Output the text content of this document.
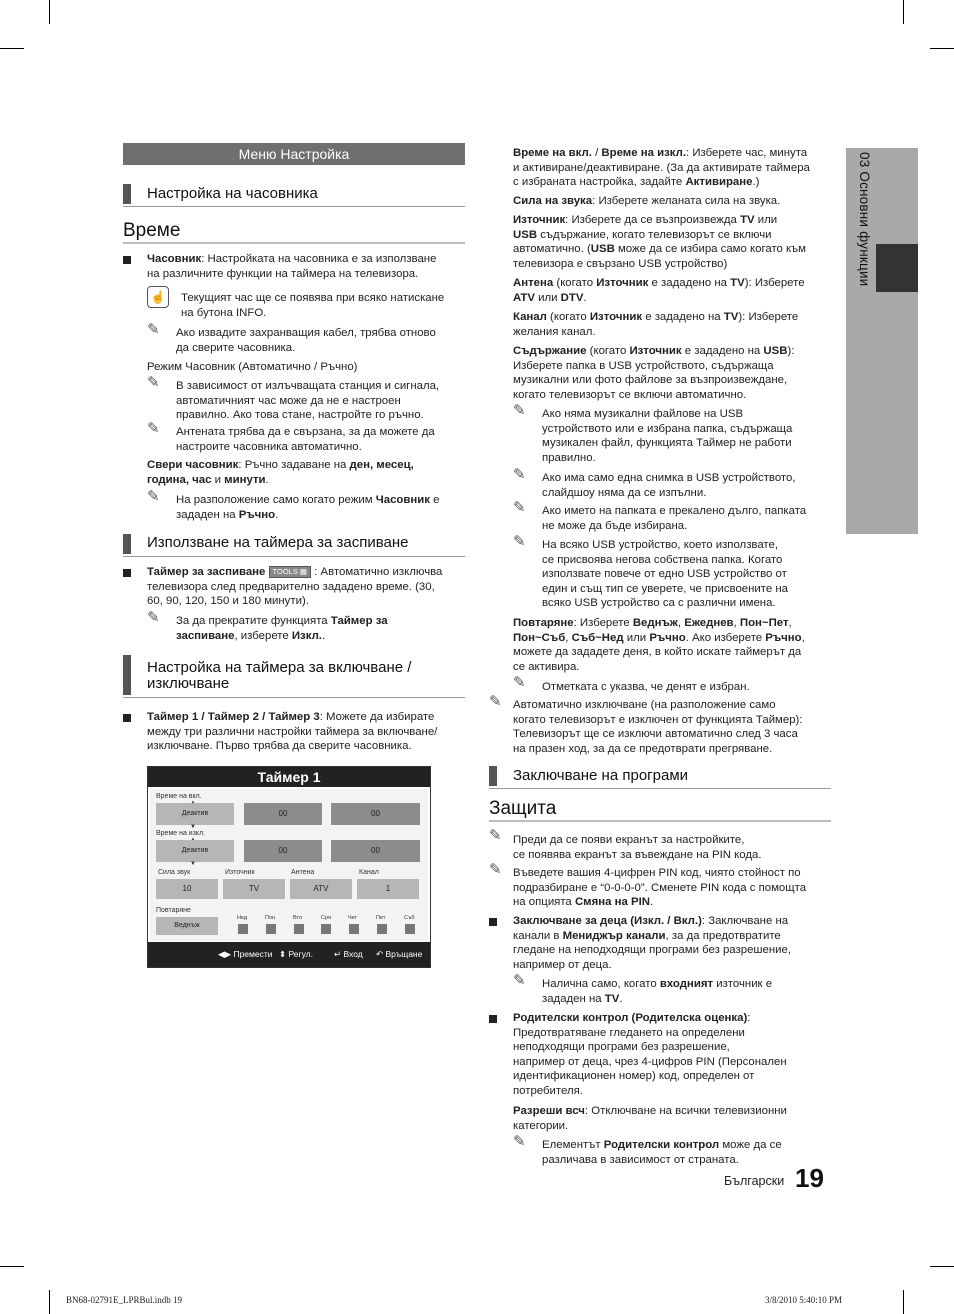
03 Основни функции
Меню Настройка
Настройка на часовника
Време
Часовник: Настройката на часовника е за използване
на различните функции на таймера на телевизора.
☝	Текущият час ще се появява при всяко натискане
на бутона INFO.
✎ Ако извадите захранващия кабел, трябва отново
да сверите часовника.
Режим Часовник (Автоматично / Ръчно)
✎ В зависимост от излъчващата станция и сигнала,
автоматичният час може да не е настроен
правилно. Ако това стане, настройте го ръчно.
✎ Антената трябва да е свързана, за да можете да
настроите часовника автоматично.
Свери часовник: Ръчно задаване на ден, месец,
година, час и минути.
✎ На разположение само когато режим Часовник е
зададен на Ръчно.
Използване на таймера за заспиване
Таймер за заспиване TOOLS ▦ : Автоматично изключва
телевизора след предварително зададено време. (30,
60, 90, 120, 150 и 180 минути).
✎ За да прекратите функцията Таймер за
заспиване, изберете Изкл..
Настройка на таймера за включване /
изключване
Таймер 1 / Таймер 2 / Таймер 3: Можете да избирате
между три различни настройки таймера за включване/
изключване. Първо трябва да сверите часовника.
Таймер 1
Време на вкл.
Деактив
▼
00	00
Време на изкл.
Деактив
▼
00	00
Сила звук	Източник	Антена	Канал
10	TV	ATV	1
Повтаряне
Веднъж
Нед	Пон	Вто	Сря	Чет	Пет	Съб
◀▶ Премести ⬍ Регул. ↵ Вход ↶ Връщане
Време на вкл. / Време на изкл.: Изберете час, минута
и активиране/деактивиране. (За да активирате таймера
с избраната настройка, задайте Активиране.)
Сила на звука: Изберете желаната сила на звука.
Източник: Изберете да се възпроизвежда TV или
USB съдържание, когато телевизорът се включи
автоматично. (USB може да се избира само когато към
телевизора е свързано USB устройство)
Антена (когато Източник е зададено на TV): Изберете
ATV или DTV.
Канал (когато Източник е зададено на TV): Изберете
желания канал.
Съдържание (когато Източник е зададено на USB):
Изберете папка в USB устройството, съдържаща
музикални или фото файлове за възпроизвеждане,
когато телевизорът се включи автоматично.
✎ Ако няма музикални файлове на USB
устройството или е избрана папка, съдържаща
музикален файл, функцията Таймер не работи
правилно.
✎ Ако има само една снимка в USB устройството,
слайдшоу няма да се изпълни.
✎ Ако името на папката е прекалено дълго, папката
не може да бъде избирана.
✎ На всяко USB устройство, което използвате,
се присвоява негова собствена папка. Когато
използвате повече от едно USB устройство от
един и същ тип се уверете, че присвоените на
всяко USB устройство са с различни имена.
Повтаряне: Изберете Веднъж, Ежеднев, Пон~Пет,
Пон~Съб, Съб~Нед или Ръчно. Ако изберете Ръчно,
можете да зададете деня, в който искате таймерът да
се активира.
✎ Отметката с указва, че денят е избран.
✎ Автоматично изключване (на разположение само
когато телевизорът е изключен от функцията Таймер):
Телевизорът ще се изключи автоматично след 3 часа
на празен ход, за да се предотврати прегряване.
Заключване на програми
Защита
✎ Преди да се появи екранът за настройките,
се появява екранът за въвеждане на PIN кода.
✎ Въведете вашия 4-цифрен PIN код, чиято стойност по
подразбиране е “0-0-0-0”. Сменете PIN кода с помощта
на опцията Смяна на PIN.
Заключване за деца (Изкл. / Вкл.): Заключване на
канали в Мениджър канали, за да предотвратите
гледане на неподходящи програми без разрешение,
например от деца.
✎ Налична само, когато входният източник е
зададен на TV.
Родителски контрол (Родителска оценка):
Предотвратяване гледането на определени
неподходящи програми без разрешение,
например от деца, чрез 4-цифров PIN (Персонален
идентификационен номер) код, определен от
потребителя.
Разреши всч: Отключване на всички телевизионни
категории.
✎ Елементът Родителски контрол може да се
различава в зависимост от страната.
Български 19
BN68-02791E_LPRBul.indb 19	3/8/2010 5:40:10 PM
